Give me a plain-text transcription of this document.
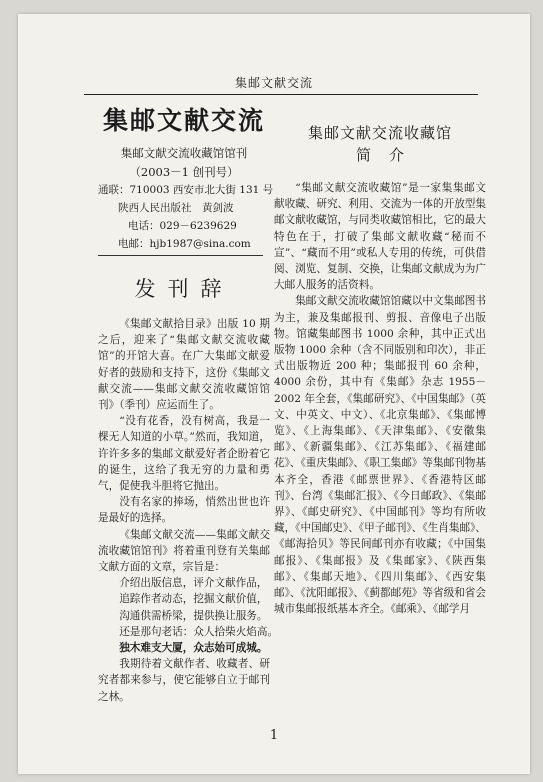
集邮文献交流
集邮文献交流
集邮文献交流收藏馆馆刊
（2003－1 创刊号）
通联：710003 西安市北大街 131 号
陕西人民出版社　黄剑波
电话：029－6239629
电邮：hjb1987@sina.com
发刊辞

《集邮文献拾目录》出版 10 期之后，迎来了“集邮文献交流收藏馆”的开馆大喜。在广大集邮文献爱好者的鼓励和支持下，这份《集邮文献交流——集邮文献交流收藏馆馆刊》（季刊）应运而生了。

“没有花香，没有树高，我是一棵无人知道的小草。”然而，我知道，许许多多的集邮文献爱好者企盼着它的诞生，这给了我无穷的力量和勇气，促使我斗胆将它抛出。

没有名家的捧场，悄然出世也许是最好的选择。

《集邮文献交流——集邮文献交流收藏馆馆刊》将着重刊登有关集邮文献方面的文章，宗旨是：

介绍出版信息，评介文献作品，
追踪作者动态，挖掘文献价值，
沟通供需桥梁，提供换让服务。
还是那句老话：众人拾柴火焰高。
独木难支大厦，众志始可成城。

我期待着文献作者、收藏者、研究者都来参与，使它能够自立于邮刊之林。

集邮文献交流收藏馆
简介

“集邮文献交流收藏馆”是一家集集邮文献收藏、研究、利用、交流为一体的开放型集邮文献收藏馆，与同类收藏馆相比，它的最大特色在于，打破了集邮文献收藏“秘而不宣”、“藏而不用”或私人专用的传统，可供借阅、浏览、复制、交换，让集邮文献成为为广大邮人服务的活资料。

集邮文献交流收藏馆馆藏以中文集邮图书为主，兼及集邮报刊、剪报、音像电子出版物。馆藏集邮图书 1000 余种，其中正式出版物 1000 余种（含不同版别和印次），非正式出版物近 200 种；集邮报刊 60 余种，4000 余份，其中有《集邮》杂志 1955－2002 年全套，《集邮研究》、《中国集邮》（英文、中英文、中文）、《北京集邮》、《集邮博览》、《上海集邮》、《天津集邮》、《安徽集邮》、《新疆集邮》、《江苏集邮》、《福建邮花》、《重庆集邮》、《职工集邮》等集邮刊物基本齐全，香港《邮票世界》、《香港特区邮刊》、台湾《集邮汇报》、《今日邮政》、《集邮界》、《邮史研究》、《中国邮刊》等均有所收藏，《中国邮史》、《甲子邮刊》、《生肖集邮》、《邮海拾贝》等民间邮刊亦有收藏；《中国集邮报》、《集邮报》及《集邮家》、《陕西集邮》、《集邮天地》、《四川集邮》、《西安集邮》、《沈阳邮报》、《蓟都邮苑》等省级和省会城市集邮报纸基本齐全。《邮乘》、《邮学月

1
